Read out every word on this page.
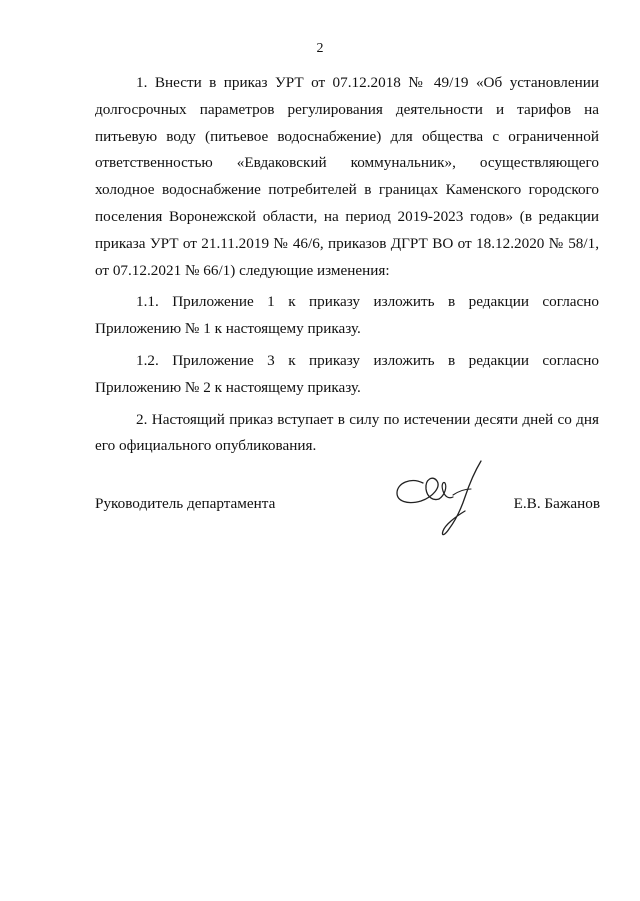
2

1. Внести в приказ УРТ от 07.12.2018 № 49/19 «Об установлении долгосрочных параметров регулирования деятельности и тарифов на питьевую воду (питьевое водоснабжение) для общества с ограниченной ответственностью «Евдаковский коммунальник», осуществляющего холодное водоснабжение потребителей в границах Каменского городского поселения Воронежской области, на период 2019-2023 годов» (в редакции приказа УРТ от 21.11.2019 № 46/6, приказов ДГРТ ВО от 18.12.2020 № 58/1, от 07.12.2021 № 66/1) следующие изменения:

1.1. Приложение 1 к приказу изложить в редакции согласно Приложению № 1 к настоящему приказу.

1.2. Приложение 3 к приказу изложить в редакции согласно Приложению № 2 к настоящему приказу.

2. Настоящий приказ вступает в силу по истечении десяти дней со дня его официального опубликования.

Руководитель департамента	Е.В. Бажанов
